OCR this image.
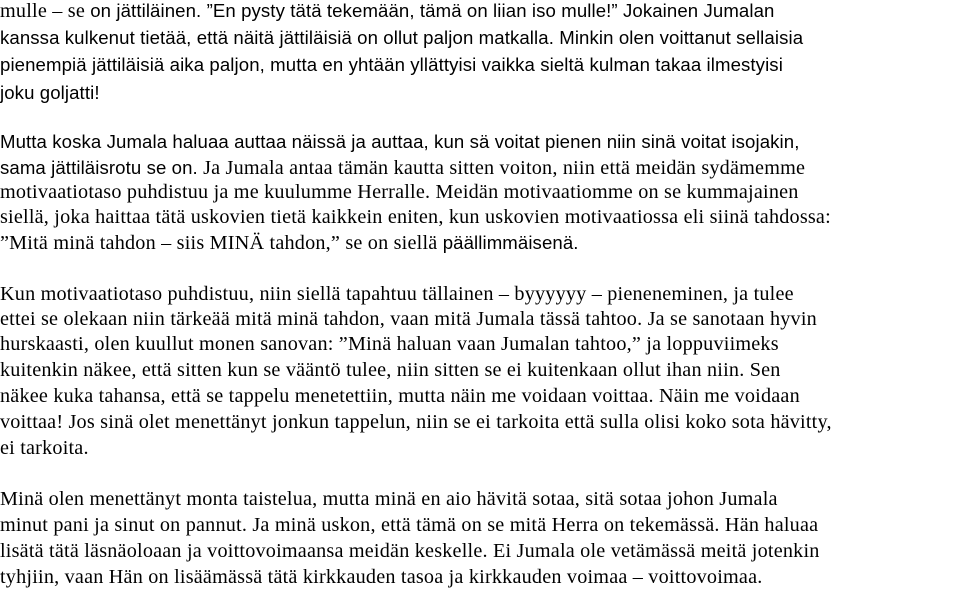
mulle – se on jättiläinen. ”En pysty tätä tekemään, tämä on liian iso mulle!” Jokainen Jumalan

kanssa kulkenut tietää, että näitä jättiläisiä on ollut paljon matkalla. Minkin olen voittanut sellaisia

pienempiä jättiläisiä aika paljon, mutta en yhtään yllättyisi vaikka sieltä kulman takaa ilmestyisi

joku goljatti!

Mutta koska Jumala haluaa auttaa näissä ja auttaa, kun sä voitat pienen niin sinä voitat isojakin,

sama jättiläisrotu se on. Ja Jumala antaa tämän kautta sitten voiton, niin että meidän sydämemme

motivaatiotaso puhdistuu ja me kuulumme Herralle. Meidän motivaatiomme on se kummajainen

siellä, joka haittaa tätä uskovien tietä kaikkein eniten, kun uskovien motivaatiossa eli siinä tahdossa:

”Mitä minä tahdon – siis MINÄ tahdon,” se on siellä päällimmäisenä.

Kun motivaatiotaso puhdistuu, niin siellä tapahtuu tällainen – byyyyyy – pieneneminen, ja tulee

ettei se olekaan niin tärkeää mitä minä tahdon, vaan mitä Jumala tässä tahtoo. Ja se sanotaan hyvin

hurskaasti, olen kuullut monen sanovan: ”Minä haluan vaan Jumalan tahtoo,” ja loppuviimeks

kuitenkin näkee, että sitten kun se vääntö tulee, niin sitten se ei kuitenkaan ollut ihan niin. Sen

näkee kuka tahansa, että se tappelu menetettiin, mutta näin me voidaan voittaa. Näin me voidaan

voittaa! Jos sinä olet menettänyt jonkun tappelun, niin se ei tarkoita että sulla olisi koko sota hävitty,

ei tarkoita.

Minä olen menettänyt monta taistelua, mutta minä en aio hävitä sotaa, sitä sotaa johon Jumala

minut pani ja sinut on pannut. Ja minä uskon, että tämä on se mitä Herra on tekemässä. Hän haluaa

lisätä tätä läsnäoloaan ja voittovoimaansa meidän keskelle. Ei Jumala ole vetämässä meitä jotenkin

tyhjiin, vaan Hän on lisäämässä tätä kirkkauden tasoa ja kirkkauden voimaa – voittovoimaa.
